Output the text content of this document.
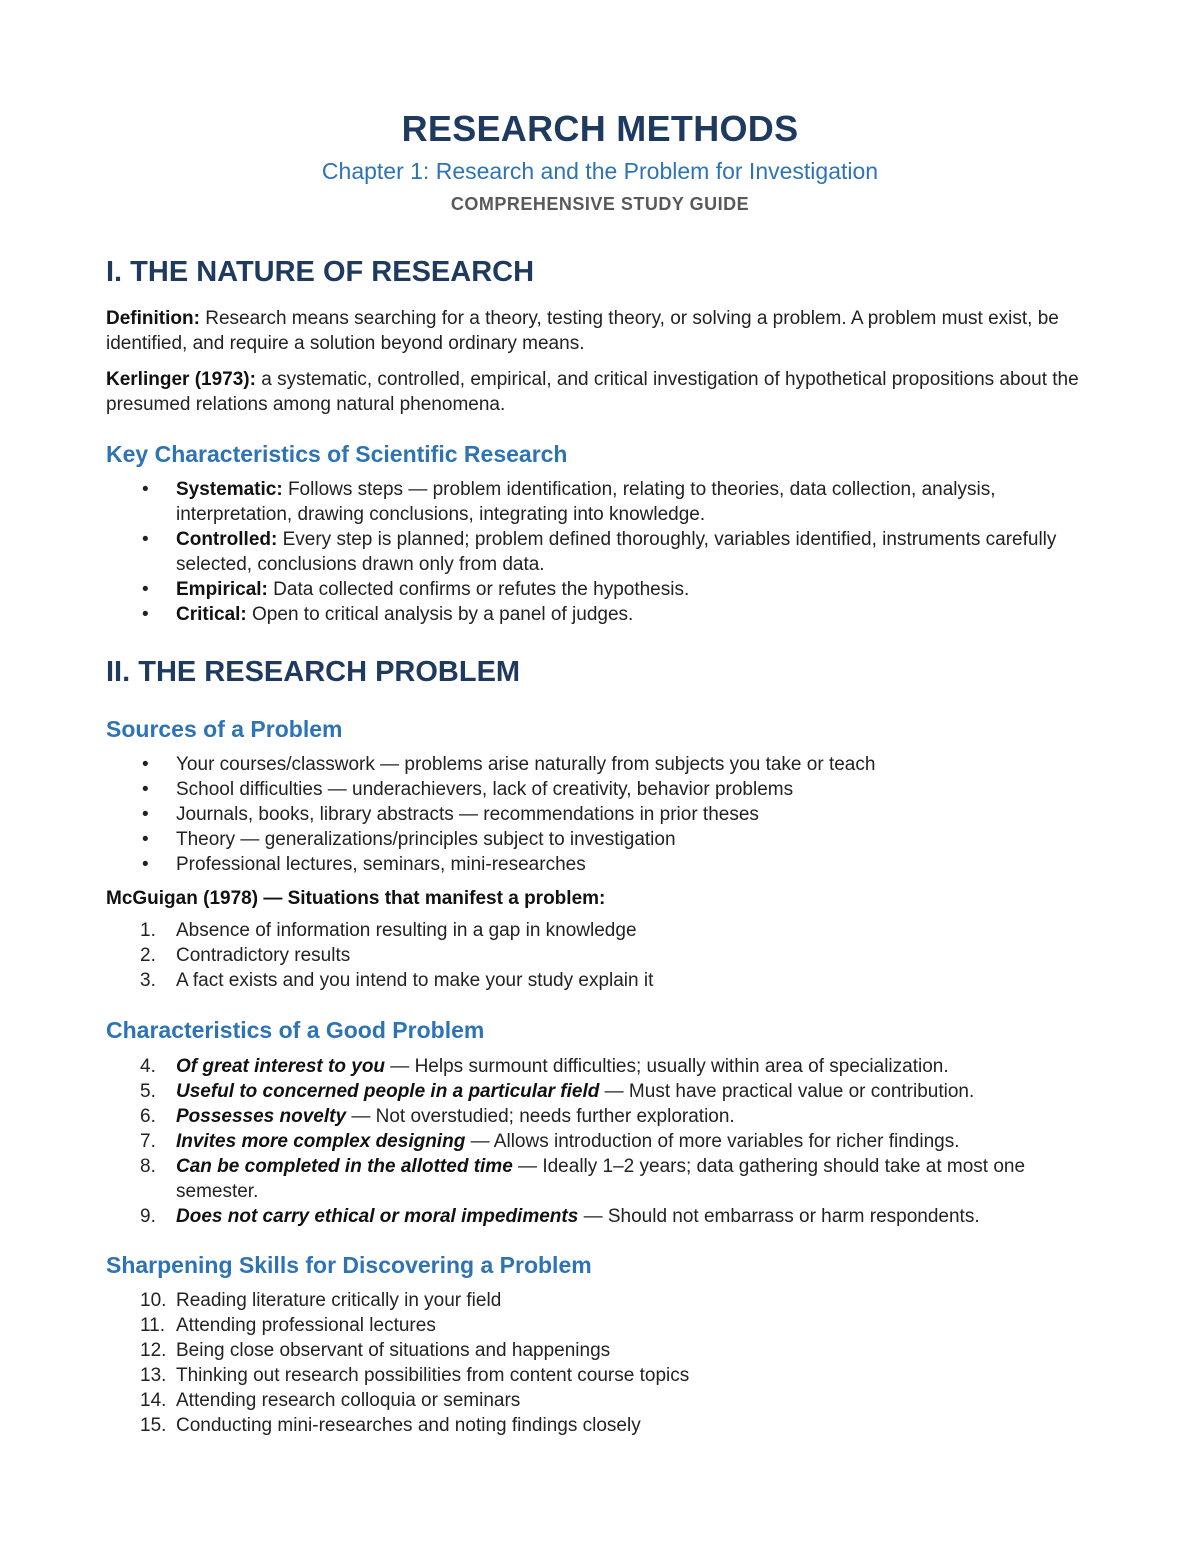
RESEARCH METHODS
Chapter 1: Research and the Problem for Investigation
COMPREHENSIVE STUDY GUIDE
I. THE NATURE OF RESEARCH

Definition: Research means searching for a theory, testing theory, or solving a problem. A problem must exist, be identified, and require a solution beyond ordinary means.

Kerlinger (1973): a systematic, controlled, empirical, and critical investigation of hypothetical propositions about the presumed relations among natural phenomena.

Key Characteristics of Scientific Research
•	Systematic: Follows steps — problem identification, relating to theories, data collection, analysis, interpretation, drawing conclusions, integrating into knowledge.
•	Controlled: Every step is planned; problem defined thoroughly, variables identified, instruments carefully selected, conclusions drawn only from data.
•	Empirical: Data collected confirms or refutes the hypothesis.
•	Critical: Open to critical analysis by a panel of judges.
II. THE RESEARCH PROBLEM
Sources of a Problem
•	Your courses/classwork — problems arise naturally from subjects you take or teach
•	School difficulties — underachievers, lack of creativity, behavior problems
•	Journals, books, library abstracts — recommendations in prior theses
•	Theory — generalizations/principles subject to investigation
•	Professional lectures, seminars, mini-researches

McGuigan (1978) — Situations that manifest a problem:

1.	Absence of information resulting in a gap in knowledge
2.	Contradictory results
3.	A fact exists and you intend to make your study explain it
Characteristics of a Good Problem
4.	Of great interest to you — Helps surmount difficulties; usually within area of specialization.
5.	Useful to concerned people in a particular field — Must have practical value or contribution.
6.	Possesses novelty — Not overstudied; needs further exploration.
7.	Invites more complex designing — Allows introduction of more variables for richer findings.
8.	Can be completed in the allotted time — Ideally 1–2 years; data gathering should take at most one semester.
9.	Does not carry ethical or moral impediments — Should not embarrass or harm respondents.
Sharpening Skills for Discovering a Problem
10. Reading literature critically in your field
11. Attending professional lectures
12. Being close observant of situations and happenings
13. Thinking out research possibilities from content course topics
14. Attending research colloquia or seminars
15. Conducting mini-researches and noting findings closely
